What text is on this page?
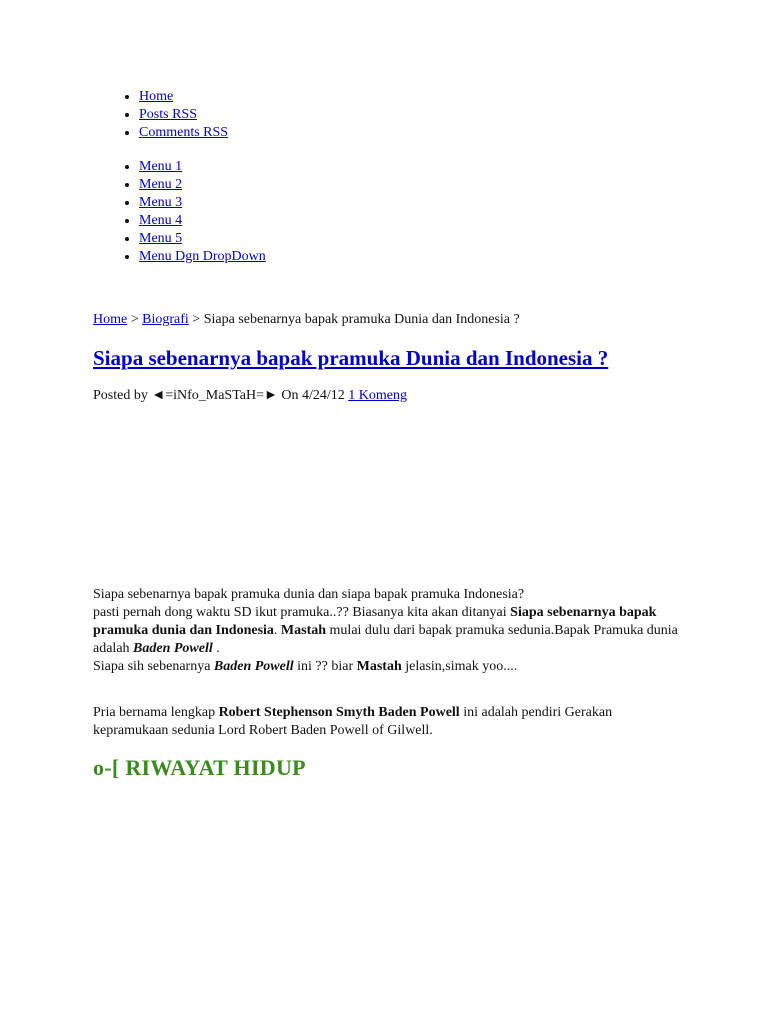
• Home
• Posts RSS
• Comments RSS
• Menu 1
• Menu 2
• Menu 3
• Menu 4
• Menu 5
• Menu Dgn DropDown
Home > Biografi > Siapa sebenarnya bapak pramuka Dunia dan Indonesia ?
Siapa sebenarnya bapak pramuka Dunia dan Indonesia ?
Posted by ◄=iNfo_MaSTaH=► On 4/24/12 1 Komeng

Siapa sebenarnya bapak pramuka dunia dan siapa bapak pramuka Indonesia?

pasti pernah dong waktu SD ikut pramuka..?? Biasanya kita akan ditanyai Siapa sebenarnya bapak pramuka dunia dan Indonesia. Mastah mulai dulu dari bapak pramuka sedunia.Bapak Pramuka dunia adalah Baden Powell .

Siapa sih sebenarnya Baden Powell ini ?? biar Mastah jelasin,simak yoo....

Pria bernama lengkap Robert Stephenson Smyth Baden Powell ini adalah pendiri Gerakan kepramukaan sedunia Lord Robert Baden Powell of Gilwell.
o-[ RIWAYAT HIDUP
